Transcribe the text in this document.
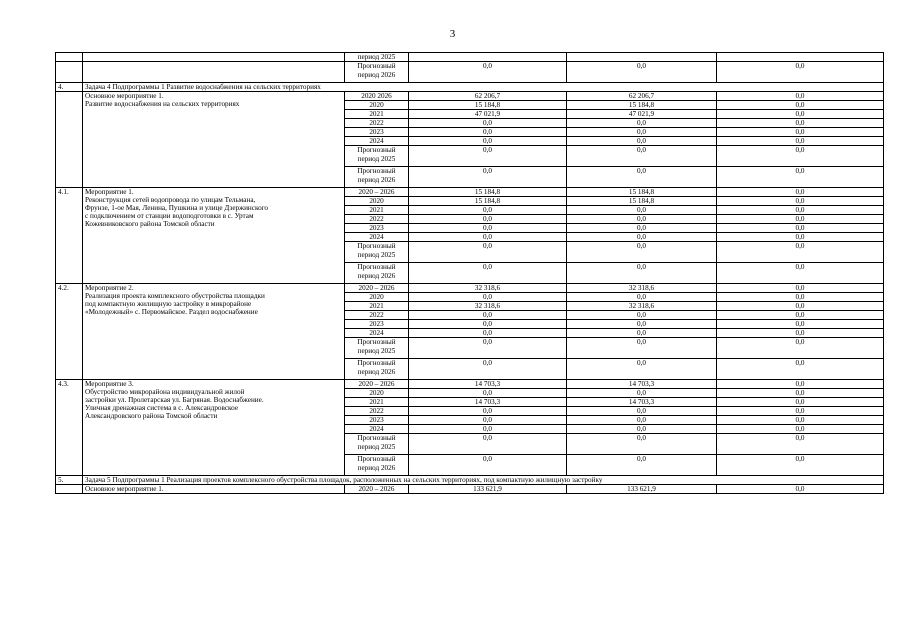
3
		период 2025			

		Прогнозный
период 2026	0,0	0,0	0,0
4.	Задача 4 Подпрограммы 1 Развитие водоснабжения на сельских территориях				

	Основное мероприятие 1.
Развитие водоснабжения на сельских территориях	2020 2026	62 206,7	62 206,7	0,0
		2020	15 184,8	15 184,8	0,0
		2021	47 021,9	47 021,9	0,0
		2022	0,0	0,0	0,0
		2023	0,0	0,0	0,0
		2024	0,0	0,0	0,0

		Прогнозный
период 2025	0,0	0,0	0,0

		Прогнозный
период 2026	0,0	0,0	0,0
4.1.	Мероприятие 1.
Реконструкция сетей водопровода по улицам Тельмана,
Фрунзе, 1-ое Мая, Ленина, Пушкина и улице Дзержинского
с подключением от станции водоподготовки в с. Уртам
Кожевниковского района Томской области	2020 – 2026	15 184,8	15 184,8	0,0
		2020	15 184,8	15 184,8	0,0
		2021	0,0	0,0	0,0
		2022	0,0	0,0	0,0
		2023	0,0	0,0	0,0
		2024	0,0	0,0	0,0

		Прогнозный
период 2025	0,0	0,0	0,0

		Прогнозный
период 2026	0,0	0,0	0,0
4.2.	Мероприятие 2.
Реализация проекта комплексного обустройства площадки
под компактную жилищную застройку в микрорайоне
«Молодежный» с. Первомайское. Раздел водоснабжение	2020 – 2026	32 318,6	32 318,6	0,0
		2020	0,0	0,0	0,0
		2021	32 318,6	32 318,6	0,0
		2022	0,0	0,0	0,0
		2023	0,0	0,0	0,0
		2024	0,0	0,0	0,0

		Прогнозный
период 2025	0,0	0,0	0,0

		Прогнозный
период 2026	0,0	0,0	0,0
4.3.	Мероприятие 3.
Обустройство микрорайона индивидуальной жилой
застройки ул. Пролетарская ул. Багряная. Водоснабжение.
Уличная дренажная система в с. Александровское
Александровского района Томской области	2020 – 2026	14 703,3	14 703,3	0,0
		2020	0,0	0,0	0,0
		2021	14 703,3	14 703,3	0,0
		2022	0,0	0,0	0,0
		2023	0,0	0,0	0,0
		2024	0,0	0,0	0,0

		Прогнозный
период 2025	0,0	0,0	0,0

		Прогнозный
период 2026	0,0	0,0	0,0
5.	Задача 5 Подпрограммы 1 Реализация проектов комплексного обустройства площадок, расположенных на сельских территориях, под компактную жилищную застройку				

	Основное мероприятие 1.	2020 – 2026	133 621,9	133 621,9	0,0
